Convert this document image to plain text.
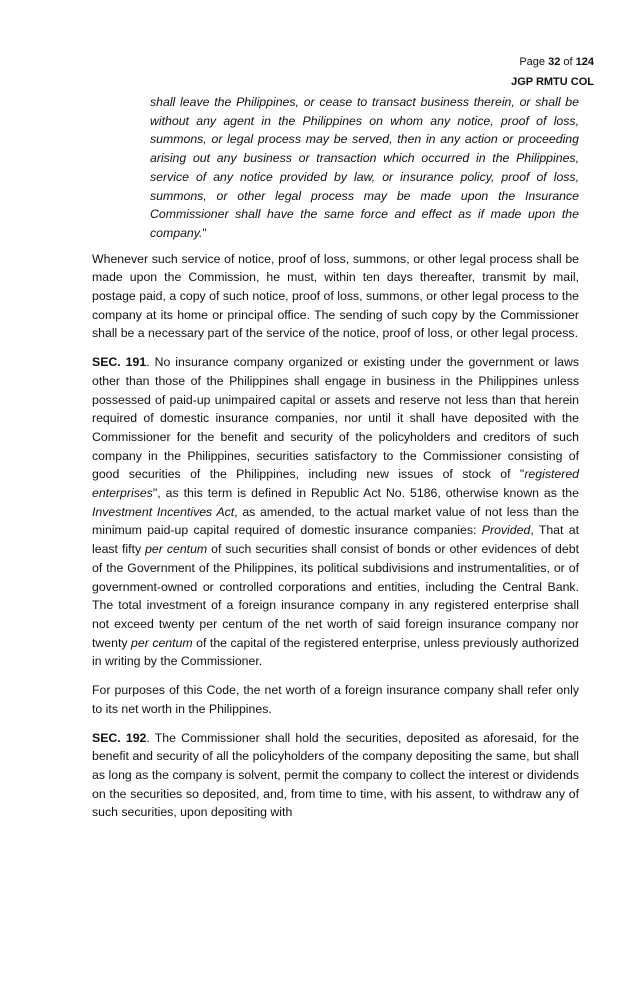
Page 32 of 124
JGP RMTU COL

shall leave the Philippines, or cease to transact business therein, or shall be without any agent in the Philippines on whom any notice, proof of loss, summons, or legal process may be served, then in any action or proceeding arising out any business or transaction which occurred in the Philippines, service of any notice provided by law, or insurance policy, proof of loss, summons, or other legal process may be made upon the Insurance Commissioner shall have the same force and effect as if made upon the company."

Whenever such service of notice, proof of loss, summons, or other legal process shall be made upon the Commission, he must, within ten days thereafter, transmit by mail, postage paid, a copy of such notice, proof of loss, summons, or other legal process to the company at its home or principal office. The sending of such copy by the Commissioner shall be a necessary part of the service of the notice, proof of loss, or other legal process.

SEC. 191. No insurance company organized or existing under the government or laws other than those of the Philippines shall engage in business in the Philippines unless possessed of paid-up unimpaired capital or assets and reserve not less than that herein required of domestic insurance companies, nor until it shall have deposited with the Commissioner for the benefit and security of the policyholders and creditors of such company in the Philippines, securities satisfactory to the Commissioner consisting of good securities of the Philippines, including new issues of stock of "registered enterprises", as this term is defined in Republic Act No. 5186, otherwise known as the Investment Incentives Act, as amended, to the actual market value of not less than the minimum paid-up capital required of domestic insurance companies: Provided, That at least fifty per centum of such securities shall consist of bonds or other evidences of debt of the Government of the Philippines, its political subdivisions and instrumentalities, or of government-owned or controlled corporations and entities, including the Central Bank. The total investment of a foreign insurance company in any registered enterprise shall not exceed twenty per centum of the net worth of said foreign insurance company nor twenty per centum of the capital of the registered enterprise, unless previously authorized in writing by the Commissioner.

For purposes of this Code, the net worth of a foreign insurance company shall refer only to its net worth in the Philippines.

SEC. 192. The Commissioner shall hold the securities, deposited as aforesaid, for the benefit and security of all the policyholders of the company depositing the same, but shall as long as the company is solvent, permit the company to collect the interest or dividends on the securities so deposited, and, from time to time, with his assent, to withdraw any of such securities, upon depositing with
